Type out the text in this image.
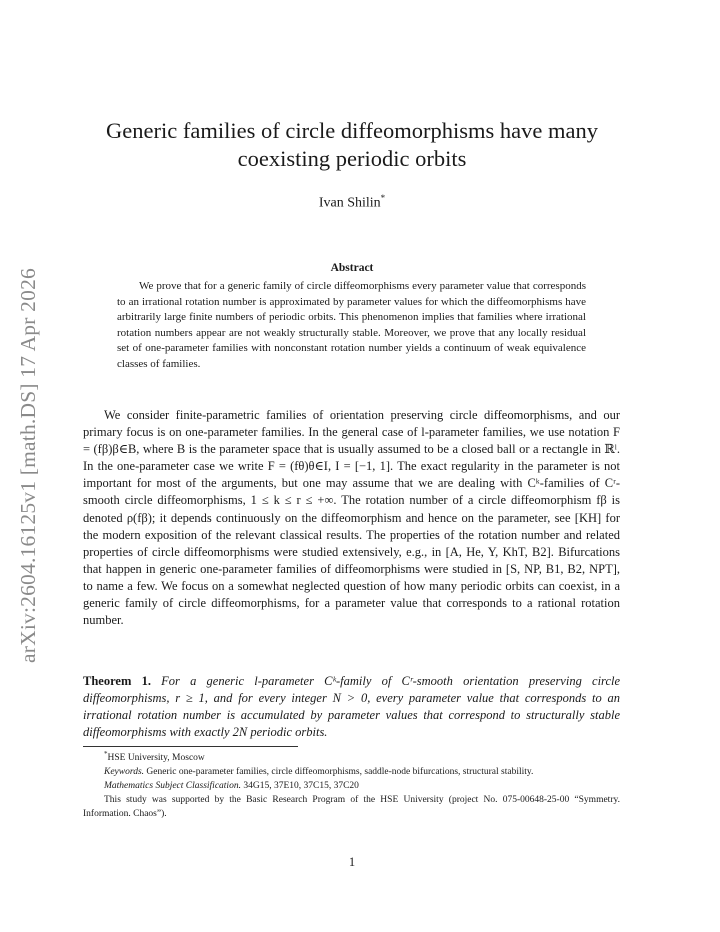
arXiv:2604.16125v1 [math.DS] 17 Apr 2026
Generic families of circle diffeomorphisms have many
coexisting periodic orbits
Ivan Shilin*
Abstract

We prove that for a generic family of circle diffeomorphisms every parameter value that corresponds to an irrational rotation number is approximated by parameter values for which the diffeomorphisms have arbitrarily large finite numbers of periodic orbits. This phenomenon implies that families where irrational rotation numbers appear are not weakly structurally stable. Moreover, we prove that any locally residual set of one-parameter families with nonconstant rotation number yields a continuum of weak equivalence classes of families.

We consider finite-parametric families of orientation preserving circle diffeomorphisms, and our primary focus is on one-parameter families. In the general case of l-parameter families, we use notation F = (fβ)β∈B, where B is the parameter space that is usually assumed to be a closed ball or a rectangle in ℝˡ. In the one-parameter case we write F = (fθ)θ∈I, I = [−1, 1]. The exact regularity in the parameter is not important for most of the arguments, but one may assume that we are dealing with Cᵏ-families of Cʳ-smooth circle diffeomorphisms, 1 ≤ k ≤ r ≤ +∞. The rotation number of a circle diffeomorphism fβ is denoted ρ(fβ); it depends continuously on the diffeomorphism and hence on the parameter, see [KH] for the modern exposition of the relevant classical results. The properties of the rotation number and related properties of circle diffeomorphisms were studied extensively, e.g., in [A, He, Y, KhT, B2]. Bifurcations that happen in generic one-parameter families of diffeomorphisms were studied in [S, NP, B1, B2, NPT], to name a few. We focus on a somewhat neglected question of how many periodic orbits can coexist, in a generic family of circle diffeomorphisms, for a parameter value that corresponds to a rational rotation number.

Theorem 1. For a generic l-parameter Cᵏ-family of Cʳ-smooth orientation preserving circle diffeomorphisms, r ≥ 1, and for every integer N > 0, every parameter value that corresponds to an irrational rotation number is accumulated by parameter values that correspond to structurally stable diffeomorphisms with exactly 2N periodic orbits.

*HSE University, Moscow

Keywords. Generic one-parameter families, circle diffeomorphisms, saddle-node bifurcations, structural stability.

Mathematics Subject Classification. 34G15, 37E10, 37C15, 37C20

This study was supported by the Basic Research Program of the HSE University (project No. 075-00648-25-00 “Symmetry. Information. Chaos”).

1
